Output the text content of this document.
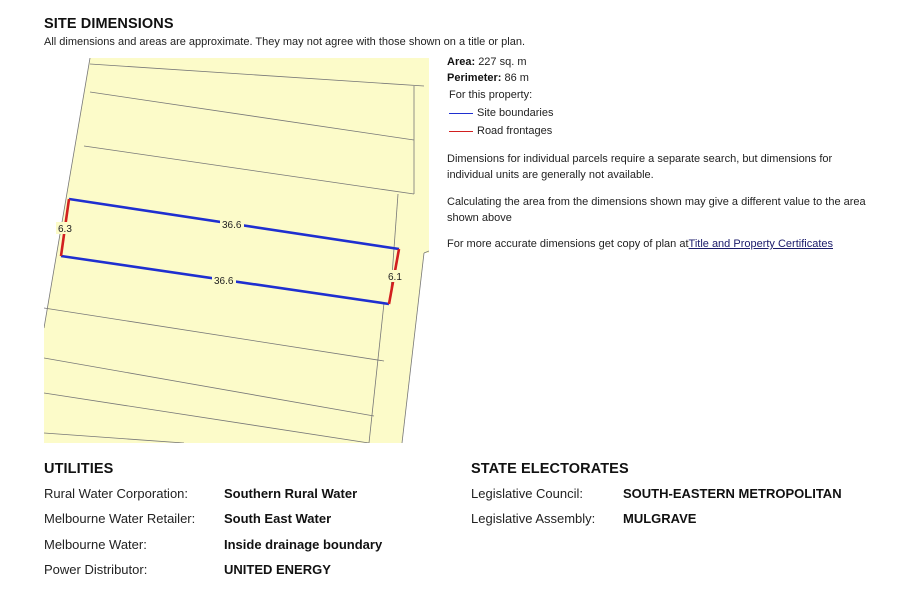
SITE DIMENSIONS
All dimensions and areas are approximate. They may not agree with those shown on a title or plan.
36.6
36.6
6.3
6.1
Area: 227 sq. m
Perimeter: 86 m
For this property:
Site boundaries
Road frontages
Dimensions for individual parcels require a separate search, but dimensions for individual units are generally not available.
Calculating the area from the dimensions shown may give a different value to the area shown above
For more accurate dimensions get copy of plan atTitle and Property Certificates
UTILITIES
Rural Water Corporation:	Southern Rural Water
Melbourne Water Retailer: South East Water
Melbourne Water:	Inside drainage boundary
Power Distributor:	UNITED ENERGY
STATE ELECTORATES
Legislative Council:	SOUTH-EASTERN METROPOLITAN
Legislative Assembly: MULGRAVE
